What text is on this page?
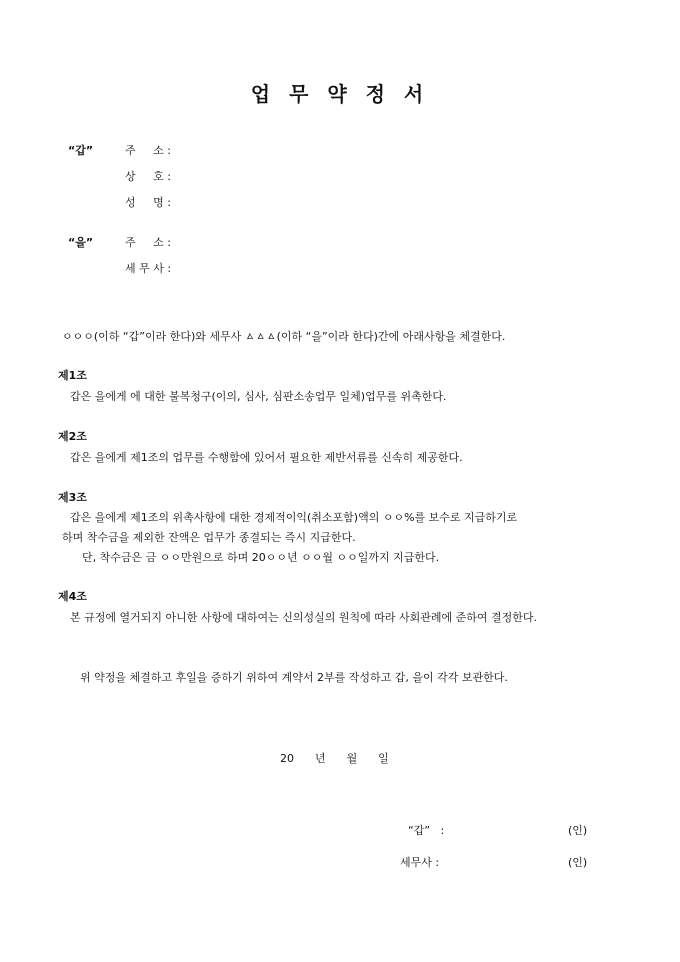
업 무 약 정 서
“갑”	주     소 :
상     호 :
성     명 :
“을”	주     소 :
세 무 사 :
ㅇㅇㅇ(이하 “갑”이라 한다)와 세무사 ㅿㅿㅿ(이하 “을”이라 한다)간에 아래사항을 체결한다.
제1조
갑은 을에게 에 대한 불복청구(이의, 심사, 심판소송업무 일체)업무를 위촉한다.
제2조
갑은 을에게 제1조의 업무를 수행함에 있어서 필요한 제반서류를 신속히 제공한다.
제3조
갑은 을에게 제1조의 위촉사항에 대한 경제적이익(취소포함)액의 ㅇㅇ%를 보수로 지급하기로
하며 착수금을 제외한 잔액은 업무가 종결되는 즉시 지급한다.
단, 착수금은 금 ㅇㅇ만원으로 하며 20ㅇㅇ년 ㅇㅇ월 ㅇㅇ일까지 지급한다.
제4조
본 규정에 열거되지 아니한 사항에 대하여는 신의성실의 원칙에 따라 사회관례에 준하여 결정한다.
위 약정을 체결하고 후일을 증하기 위하여 계약서 2부를 작성하고 갑, 을이 각각 보관한다.
20      년      월      일
“갑”   :	(인)
세무사 :	(인)
